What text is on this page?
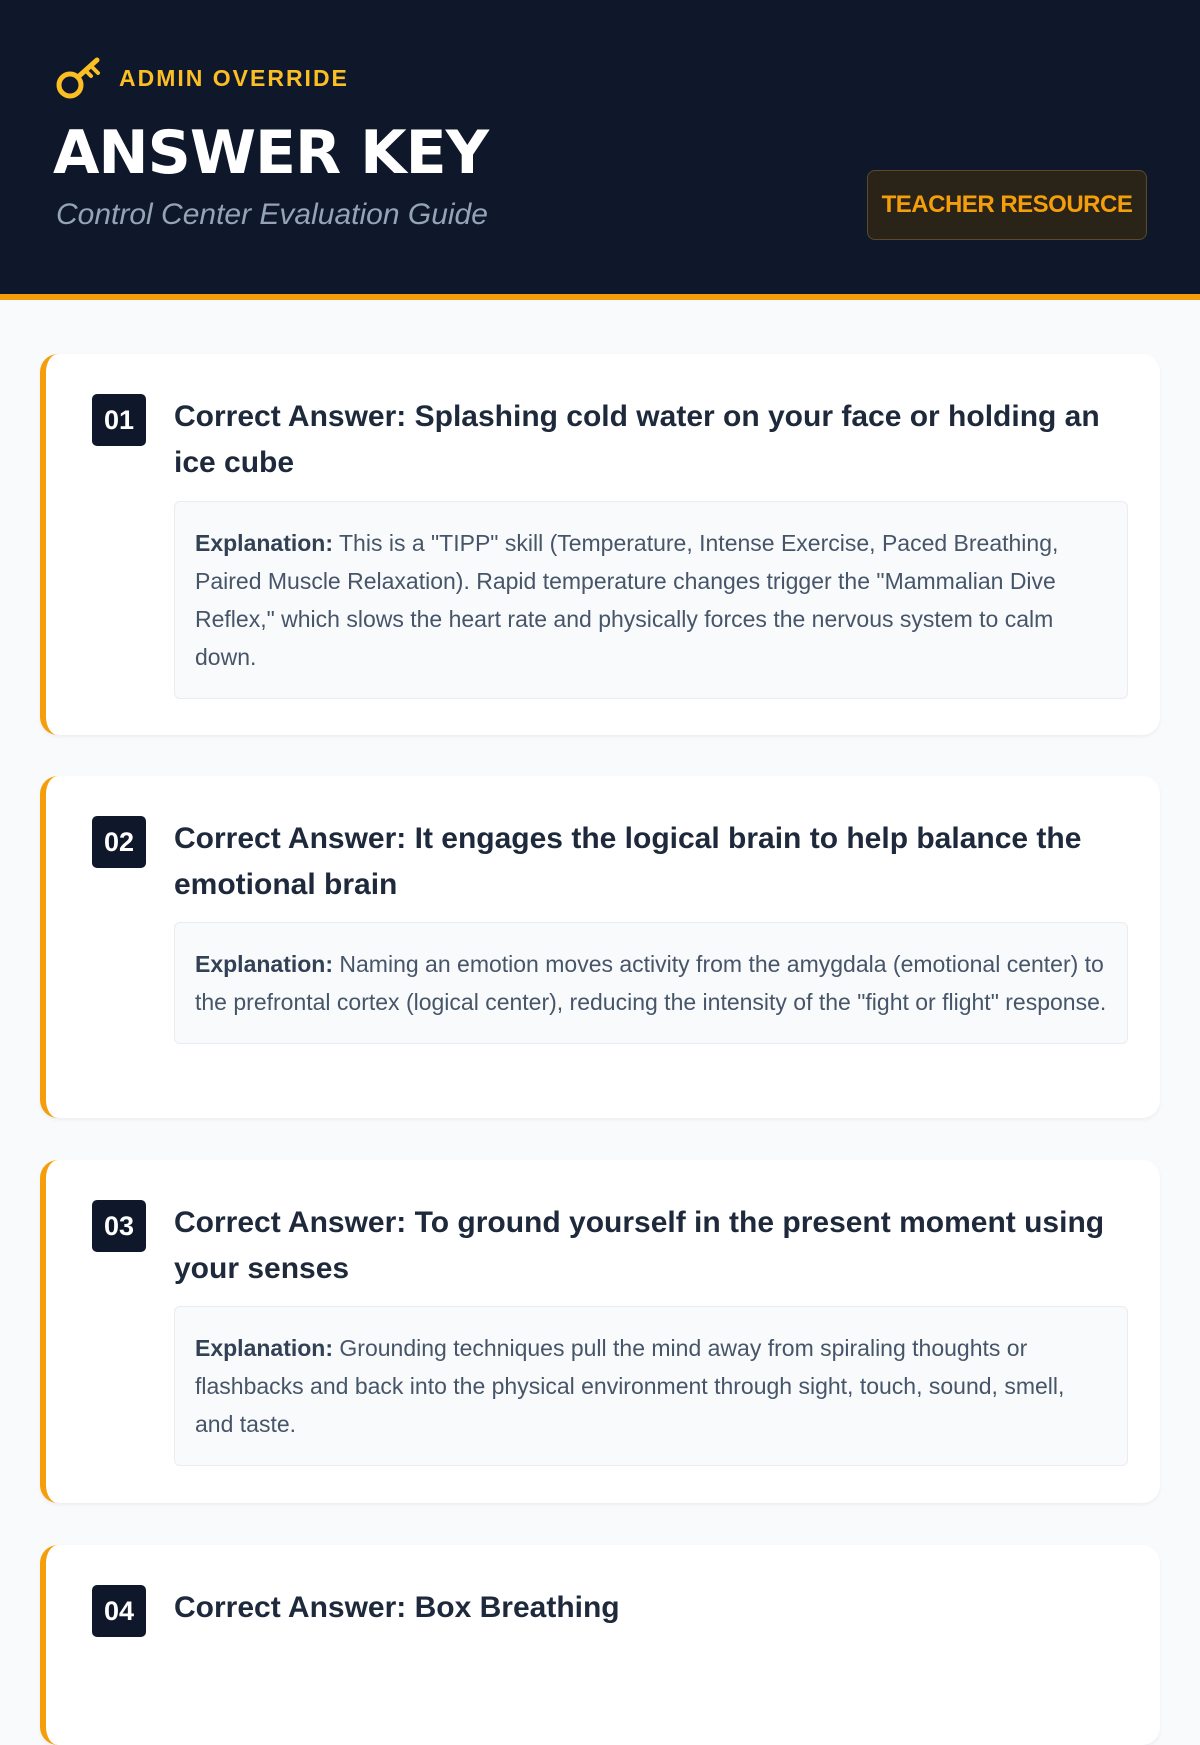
ADMIN OVERRIDE
ANSWER KEY
Control Center Evaluation Guide	TEACHER RESOURCE
01	Correct Answer: Splashing cold water on your face or holding an ice cube
Explanation: This is a "TIPP" skill (Temperature, Intense Exercise, Paced Breathing, Paired Muscle Relaxation). Rapid temperature changes trigger the "Mammalian Dive Reflex," which slows the heart rate and physically forces the nervous system to calm down.
02	Correct Answer: It engages the logical brain to help balance the emotional brain
Explanation: Naming an emotion moves activity from the amygdala (emotional center) to the prefrontal cortex (logical center), reducing the intensity of the "fight or flight" response.
03	Correct Answer: To ground yourself in the present moment using your senses
Explanation: Grounding techniques pull the mind away from spiraling thoughts or flashbacks and back into the physical environment through sight, touch, sound, smell, and taste.
04	Correct Answer: Box Breathing
